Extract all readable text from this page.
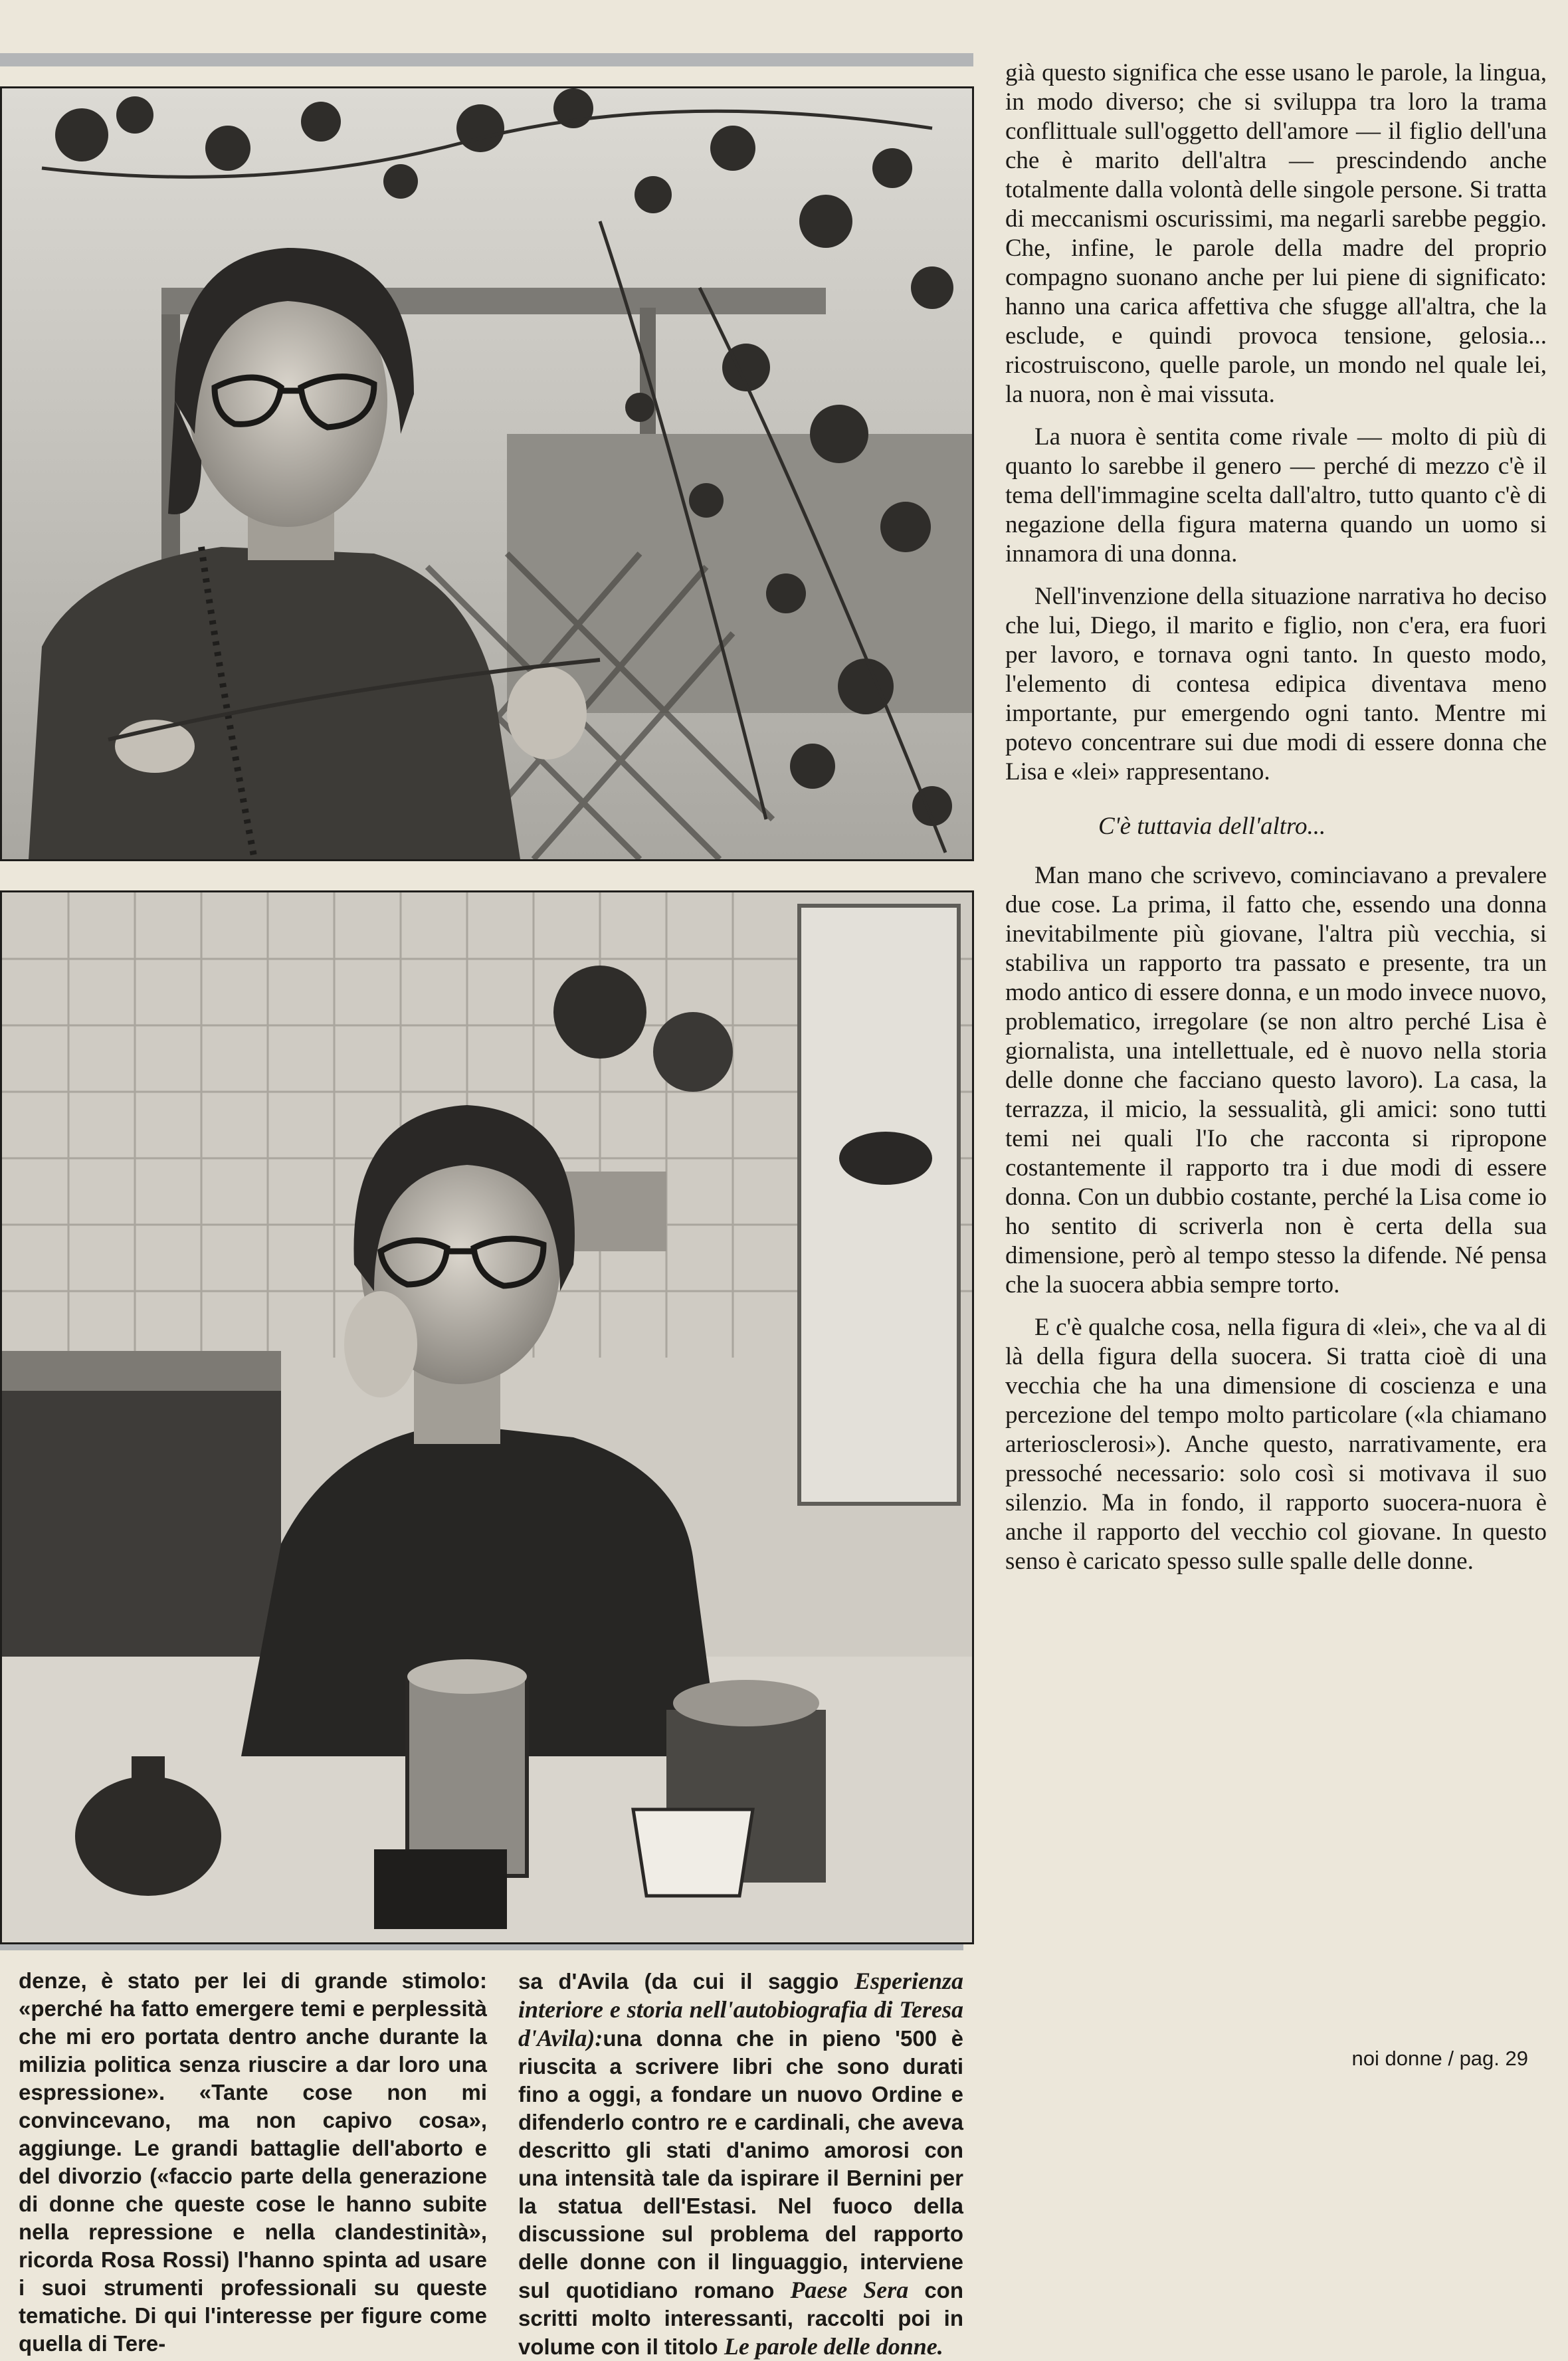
già questo significa che esse usano le parole, la lingua, in modo diverso; che si sviluppa tra loro la trama conflittuale sull'oggetto dell'amore — il figlio dell'una che è marito dell'altra — prescindendo anche totalmente dalla volontà delle singole persone. Si tratta di meccanismi oscurissimi, ma negarli sarebbe peggio. Che, infine, le parole della madre del proprio compagno suonano anche per lui piene di significato: hanno una carica affettiva che sfugge all'altra, che la esclude, e quindi provoca tensione, gelosia... ricostruiscono, quelle parole, un mondo nel quale lei, la nuora, non è mai vissuta.

La nuora è sentita come rivale — molto di più di quanto lo sarebbe il genero — perché di mezzo c'è il tema dell'immagine scelta dall'altro, tutto quanto c'è di negazione della figura materna quando un uomo si innamora di una donna.

Nell'invenzione della situazione narrativa ho deciso che lui, Diego, il marito e figlio, non c'era, era fuori per lavoro, e tornava ogni tanto. In questo modo, l'elemento di contesa edipica diventava meno importante, pur emergendo ogni tanto. Mentre mi potevo concentrare sui due modi di essere donna che Lisa e «lei» rappresentano.

C'è tuttavia dell'altro...

Man mano che scrivevo, cominciavano a prevalere due cose. La prima, il fatto che, essendo una donna inevitabilmente più giovane, l'altra più vecchia, si stabiliva un rapporto tra passato e presente, tra un modo antico di essere donna, e un modo invece nuovo, problematico, irregolare (se non altro perché Lisa è giornalista, una intellettuale, ed è nuovo nella storia delle donne che facciano questo lavoro). La casa, la terrazza, il micio, la sessualità, gli amici: sono tutti temi nei quali l'Io che racconta si ripropone costantemente il rapporto tra i due modi di essere donna. Con un dubbio costante, perché la Lisa come io ho sentito di scriverla non è certa della sua dimensione, però al tempo stesso la difende. Né pensa che la suocera abbia sempre torto.

E c'è qualche cosa, nella figura di «lei», che va al di là della figura della suocera. Si tratta cioè di una vecchia che ha una dimensione di coscienza e una percezione del tempo molto particolare («la chiamano arteriosclerosi»). Anche questo, narrativamente, era pressoché necessario: solo così si motivava il suo silenzio. Ma in fondo, il rapporto suocera-nuora è anche il rapporto del vecchio col giovane. In questo senso è caricato spesso sulle spalle delle donne.

denze, è stato per lei di grande stimolo: «perché ha fatto emergere temi e perplessità che mi ero portata dentro anche durante la milizia politica senza riuscire a dar loro una espressione». «Tante cose non mi convincevano, ma non capivo cosa», aggiunge. Le grandi battaglie dell'aborto e del divorzio («faccio parte della generazione di donne che queste cose le hanno subite nella repressione e nella clandestinità», ricorda Rosa Rossi) l'hanno spinta ad usare i suoi strumenti professionali su queste tematiche. Di qui l'interesse per figure come quella di Tere-

sa d'Avila (da cui il saggio Esperienza interiore e storia nell'autobiografia di Teresa d'Avila):una donna che in pieno '500 è riuscita a scrivere libri che sono durati fino a oggi, a fondare un nuovo Ordine e difenderlo contro re e cardinali, che aveva descritto gli stati d'animo amorosi con una intensità tale da ispirare il Bernini per la statua dell'Estasi. Nel fuoco della discussione sul problema del rapporto delle donne con il linguaggio, interviene sul quotidiano romano Paese Sera con scritti molto interessanti, raccolti poi in volume con il titolo Le parole delle donne.

noi donne / pag. 29
